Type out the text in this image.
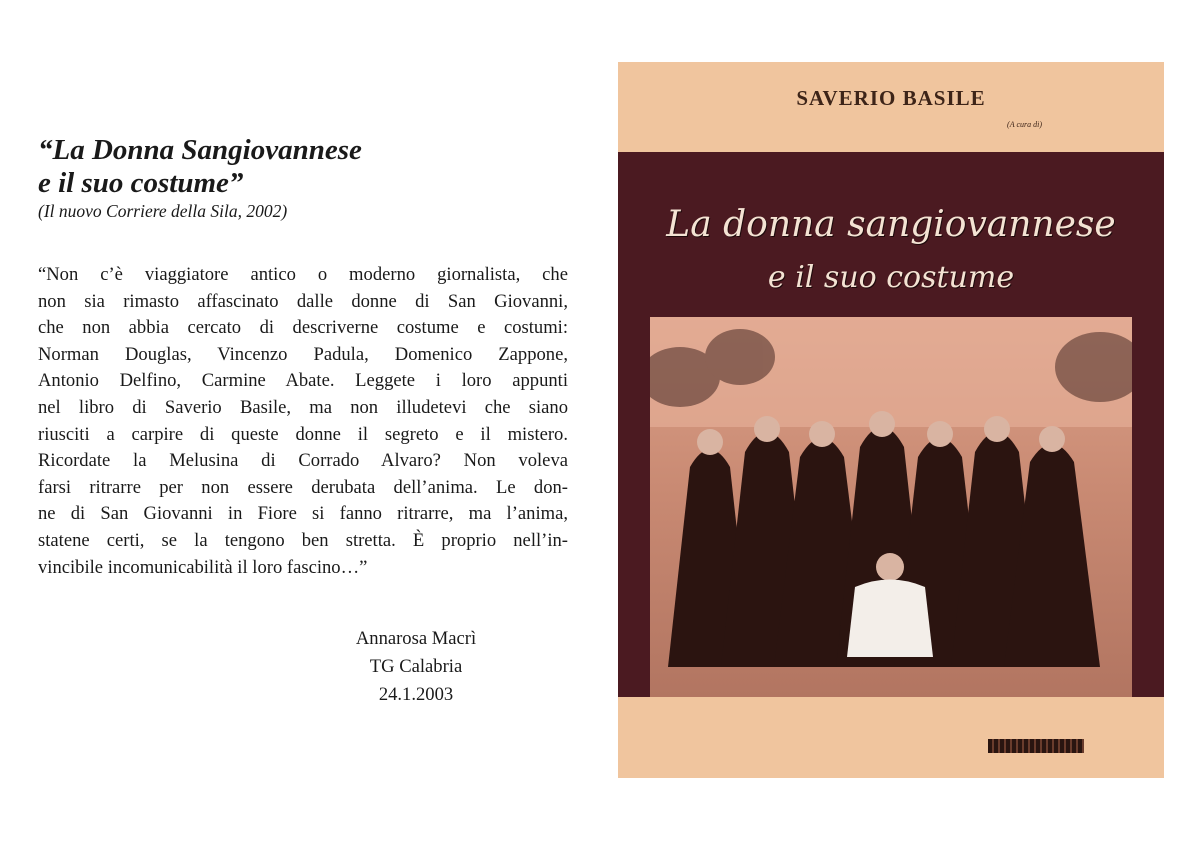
“La Donna Sangiovannese
e il suo costume”

(Il nuovo Corriere della Sila, 2002)

“Non c’è viaggiatore antico o moderno giornalista, che
non sia rimasto affascinato dalle donne di San Giovanni,
che non abbia cercato di descriverne costume e costumi:
Norman Douglas, Vincenzo Padula, Domenico Zappone,
Antonio Delfino, Carmine Abate. Leggete i loro appunti
nel libro di Saverio Basile, ma non illudetevi che siano
riusciti a carpire di queste donne il segreto e il mistero.
Ricordate la Melusina di Corrado Alvaro? Non voleva
farsi ritrarre per non essere derubata dell’anima. Le don-
ne di San Giovanni in Fiore si fanno ritrarre, ma l’anima,
statene certi, se la tengono ben stretta. È proprio nell’in-
vincibile incomunicabilità il loro fascino…”
Annarosa Macrì
TG Calabria
24.1.2003
SAVERIO BASILE
(A cura di)
La donna sangiovannese
e il suo costume
